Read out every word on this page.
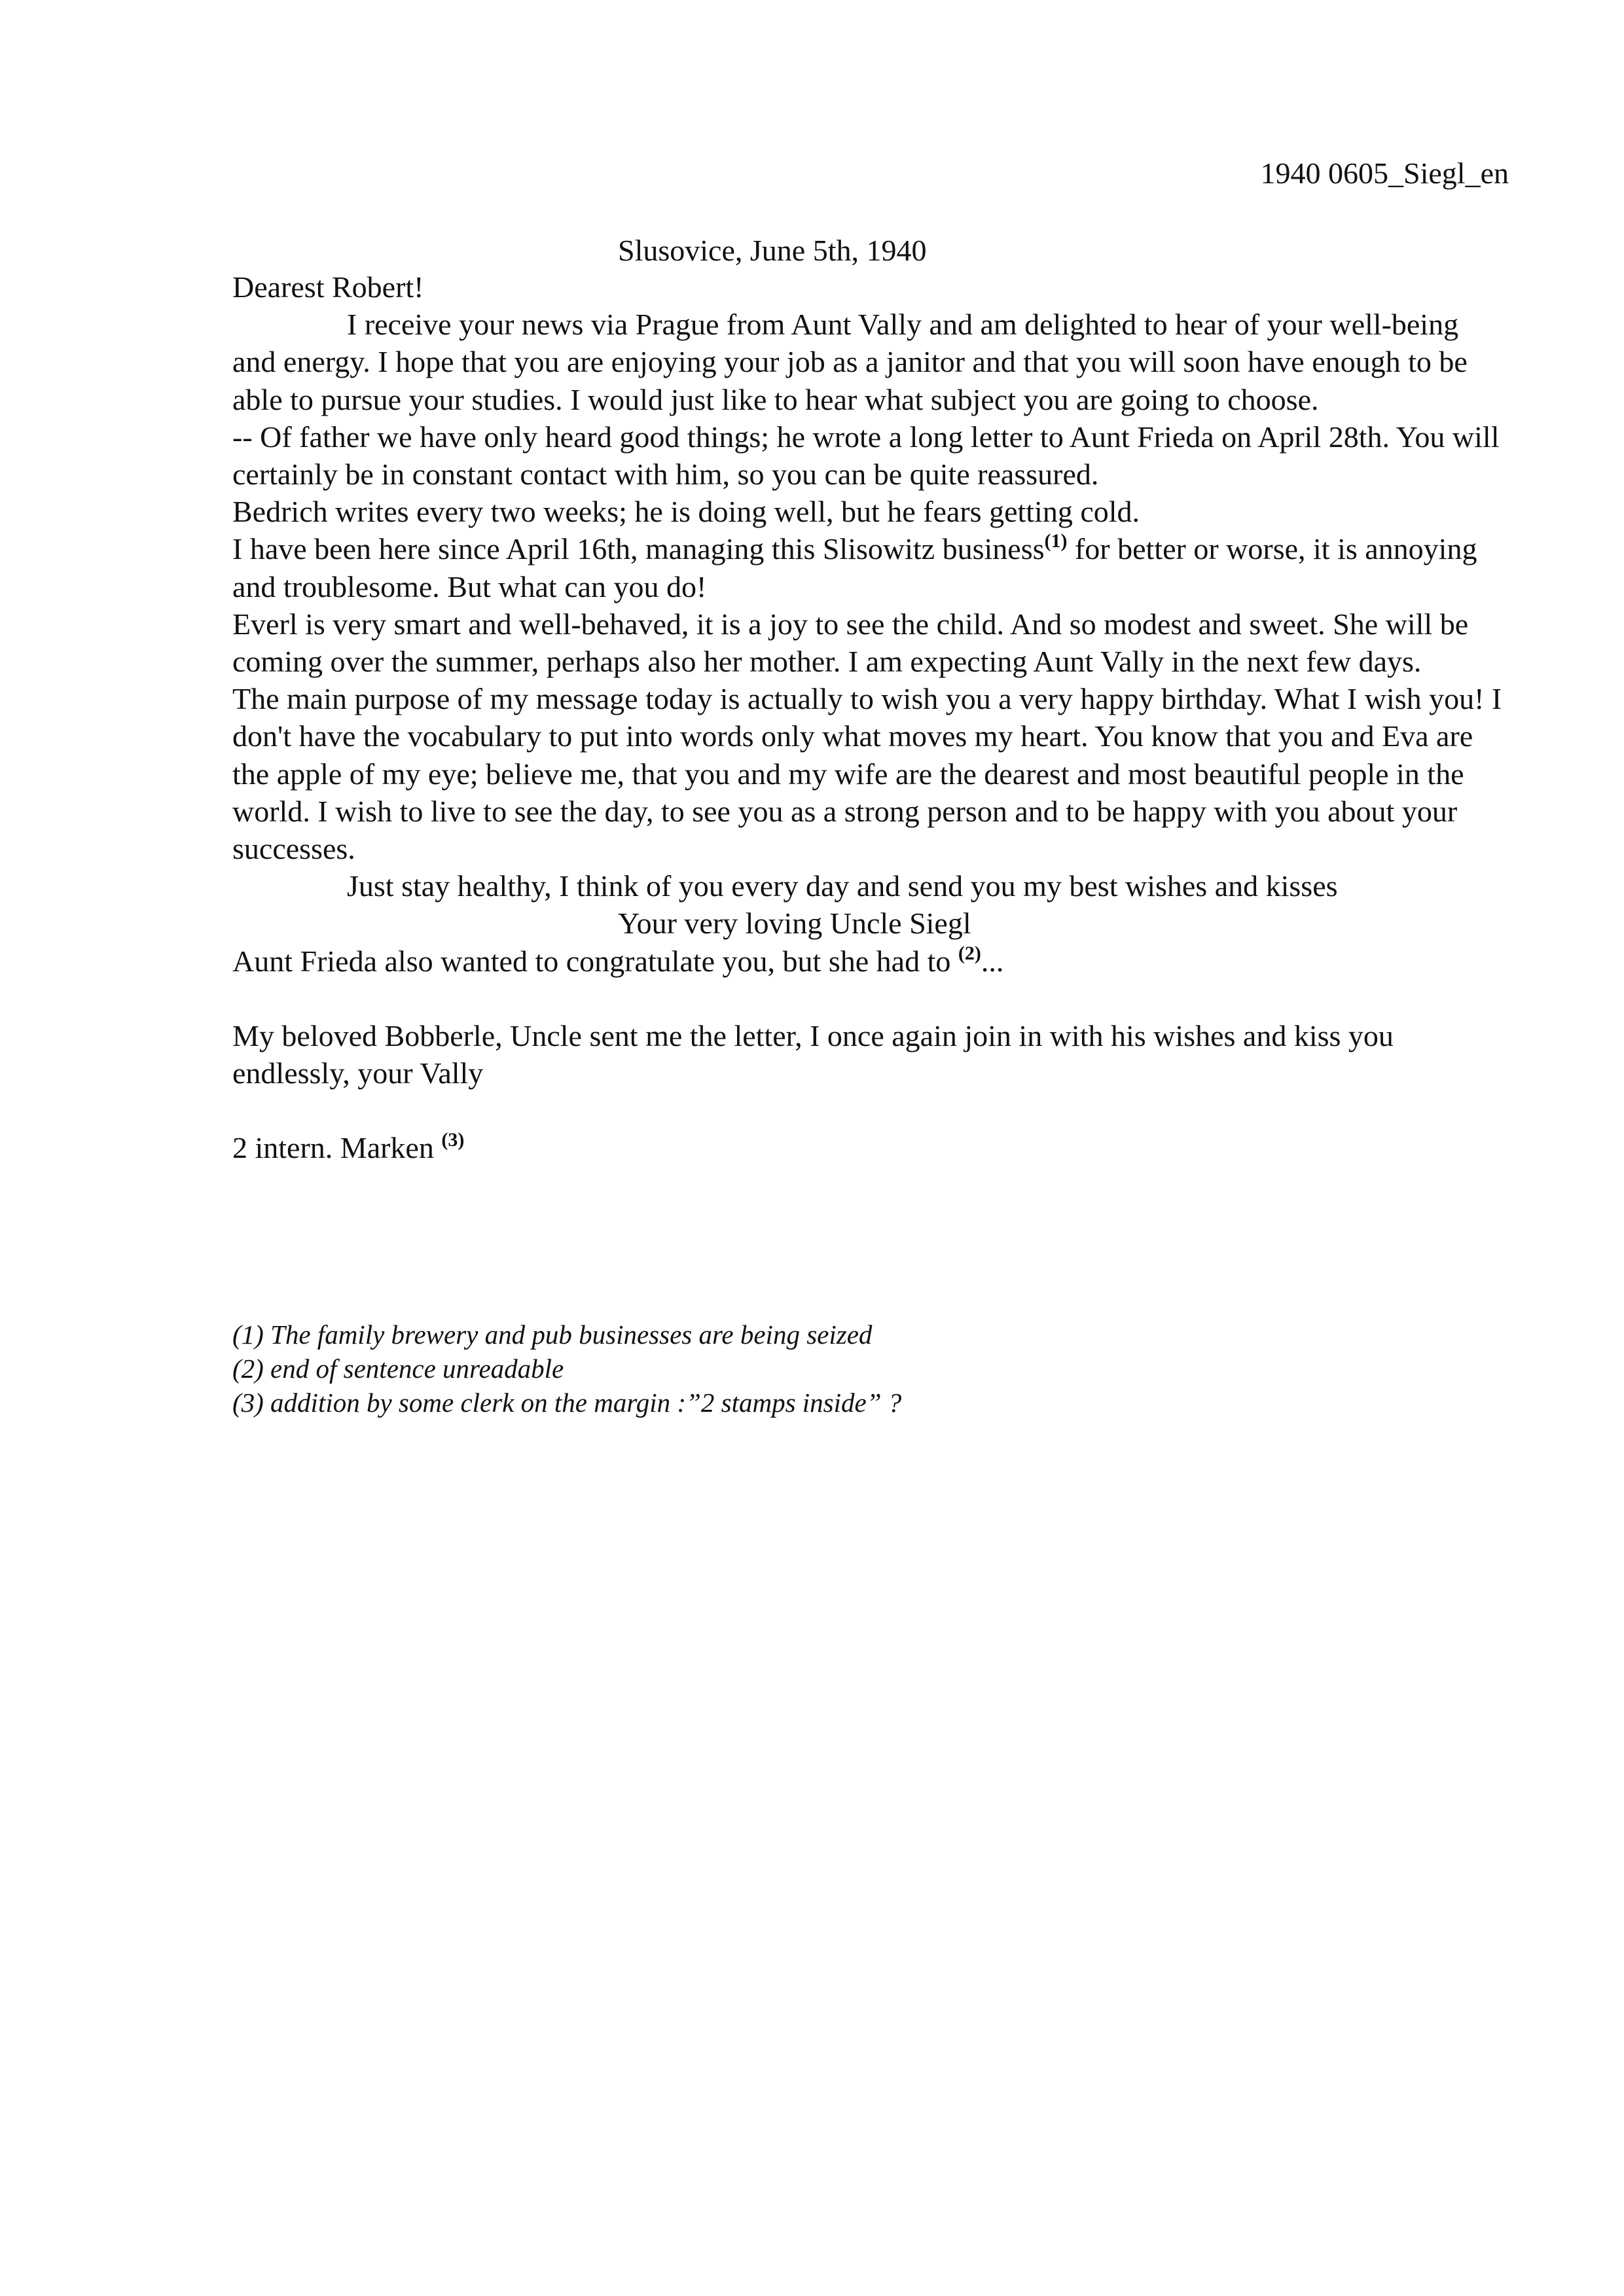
1940 0605_Siegl_en
Slusovice, June 5th, 1940

Dearest Robert!

I receive your news via Prague from Aunt Vally and am delighted to hear of your well-being and energy. I hope that you are enjoying your job as a janitor and that you will soon have enough to be able to pursue your studies. I would just like to hear what subject you are going to choose.

-- Of father we have only heard good things; he wrote a long letter to Aunt Frieda on April 28th. You will certainly be in constant contact with him, so you can be quite reassured.

Bedrich writes every two weeks; he is doing well, but he fears getting cold.

I have been here since April 16th, managing this Slisowitz business$^{(1)}$ for better or worse, it is annoying and troublesome. But what can you do!

Everl is very smart and well-behaved, it is a joy to see the child. And so modest and sweet. She will be coming over the summer, perhaps also her mother. I am expecting Aunt Vally in the next few days.

The main purpose of my message today is actually to wish you a very happy birthday. What I wish you! I don't have the vocabulary to put into words only what moves my heart. You know that you and Eva are the apple of my eye; believe me, that you and my wife are the dearest and most beautiful people in the world. I wish to live to see the day, to see you as a strong person and to be happy with you about your successes.

Just stay healthy, I think of you every day and send you my best wishes and kisses

Your very loving Uncle Siegl

Aunt Frieda also wanted to congratulate you, but she had to $^{(2)}$...

My beloved Bobberle, Uncle sent me the letter, I once again join in with his wishes and kiss you endlessly, your Vally

2 intern. Marken $^{(3)}$

(1) The family brewery and pub businesses are being seized
(2) end of sentence unreadable
(3) addition by some clerk on the margin :”2 stamps inside” ?
